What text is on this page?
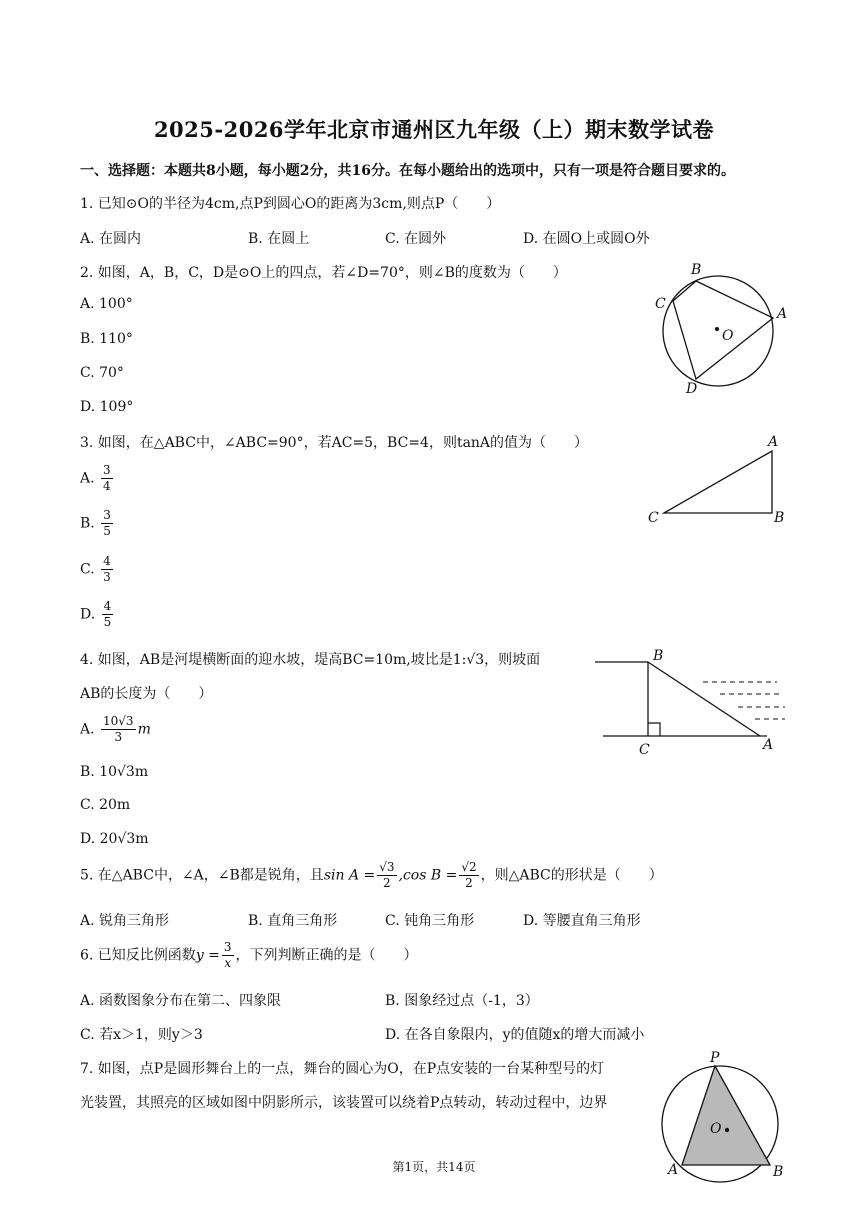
2025-2026学年北京市通州区九年级（上）期末数学试卷
一、选择题：本题共8小题，每小题2分，共16分。在每小题给出的选项中，只有一项是符合题目要求的。
1. 已知⊙O的半径为4cm,点P到圆心O的距离为3cm,则点P（　　）
A. 在圆内	B. 在圆上	C. 在圆外	D. 在圆O上或圆O外
2. 如图，A，B，C，D是⊙O上的四点，若∠D=70°，则∠B的度数为（　　）
A. 100°
B. 110°
C. 70°
D. 109°
B
C
A
D
O
3. 如图，在△ABC中，∠ABC=90°，若AC=5，BC=4，则tanA的值为（　　）
A. $\frac{3}{4}$
B. $\frac{3}{5}$
C. $\frac{4}{3}$
D. $\frac{4}{5}$
A
C	B
4. 如图，AB是河堤横断面的迎水坡，堤高BC=10m,坡比是1:√3，则坡面
AB的长度为（　　）
A. $\frac{10√3}{3}$ m
B. 10√3m
C. 20m
D. 20√3m
B
C	A
5. 在△ABC中，∠A，∠B都是锐角，且$\sin A = \frac{√3}{2} ,\cos$ $B = \frac{√2}{2}$ ，则△ABC的形状是（　　）
A. 锐角三角形	B. 直角三角形	C. 钝角三角形	D. 等腰直角三角形
6. 已知反比例函数$y = \frac{3}{x}$ ，下列判断正确的是（　　）
A. 函数图象分布在第二、四象限	B. 图象经过点（-1，3）
C. 若x＞1，则y＞3	D. 在各自象限内，y的值随x的增大而减小
7. 如图，点P是圆形舞台上的一点，舞台的圆心为O，在P点安装的一台某种型号的灯
光装置，其照亮的区域如图中阴影所示，该装置可以绕着P点转动，转动过程中，边界
P
O
A	B
第1页，共14页
